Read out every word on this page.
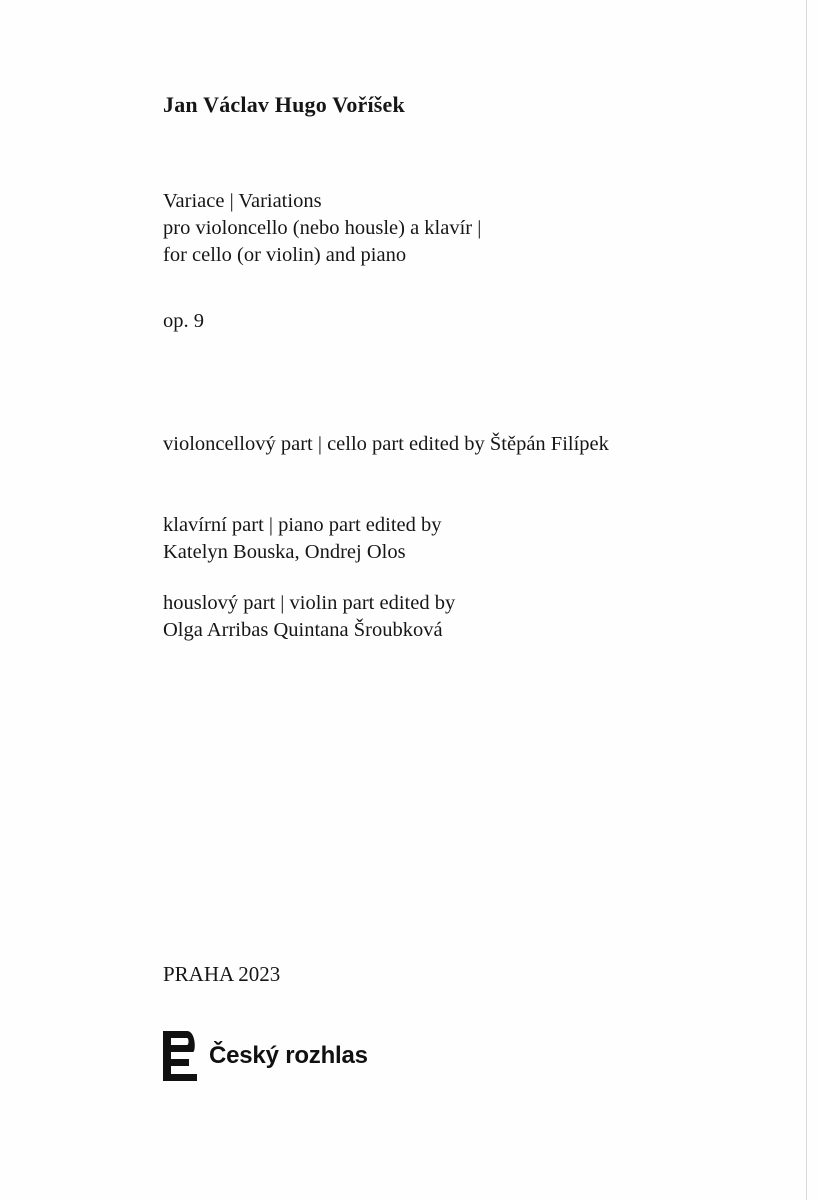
Jan Václav Hugo Voříšek
Variace | Variations
pro violoncello (nebo housle) a klavír |
for cello (or violin) and piano
op. 9
violoncellový part | cello part edited by Štěpán Filípek
klavírní part | piano part edited by
Katelyn Bouska, Ondrej Olos
houslový part | violin part edited by
Olga Arribas Quintana Šroubková
PRAHA 2023
Český rozhlas
